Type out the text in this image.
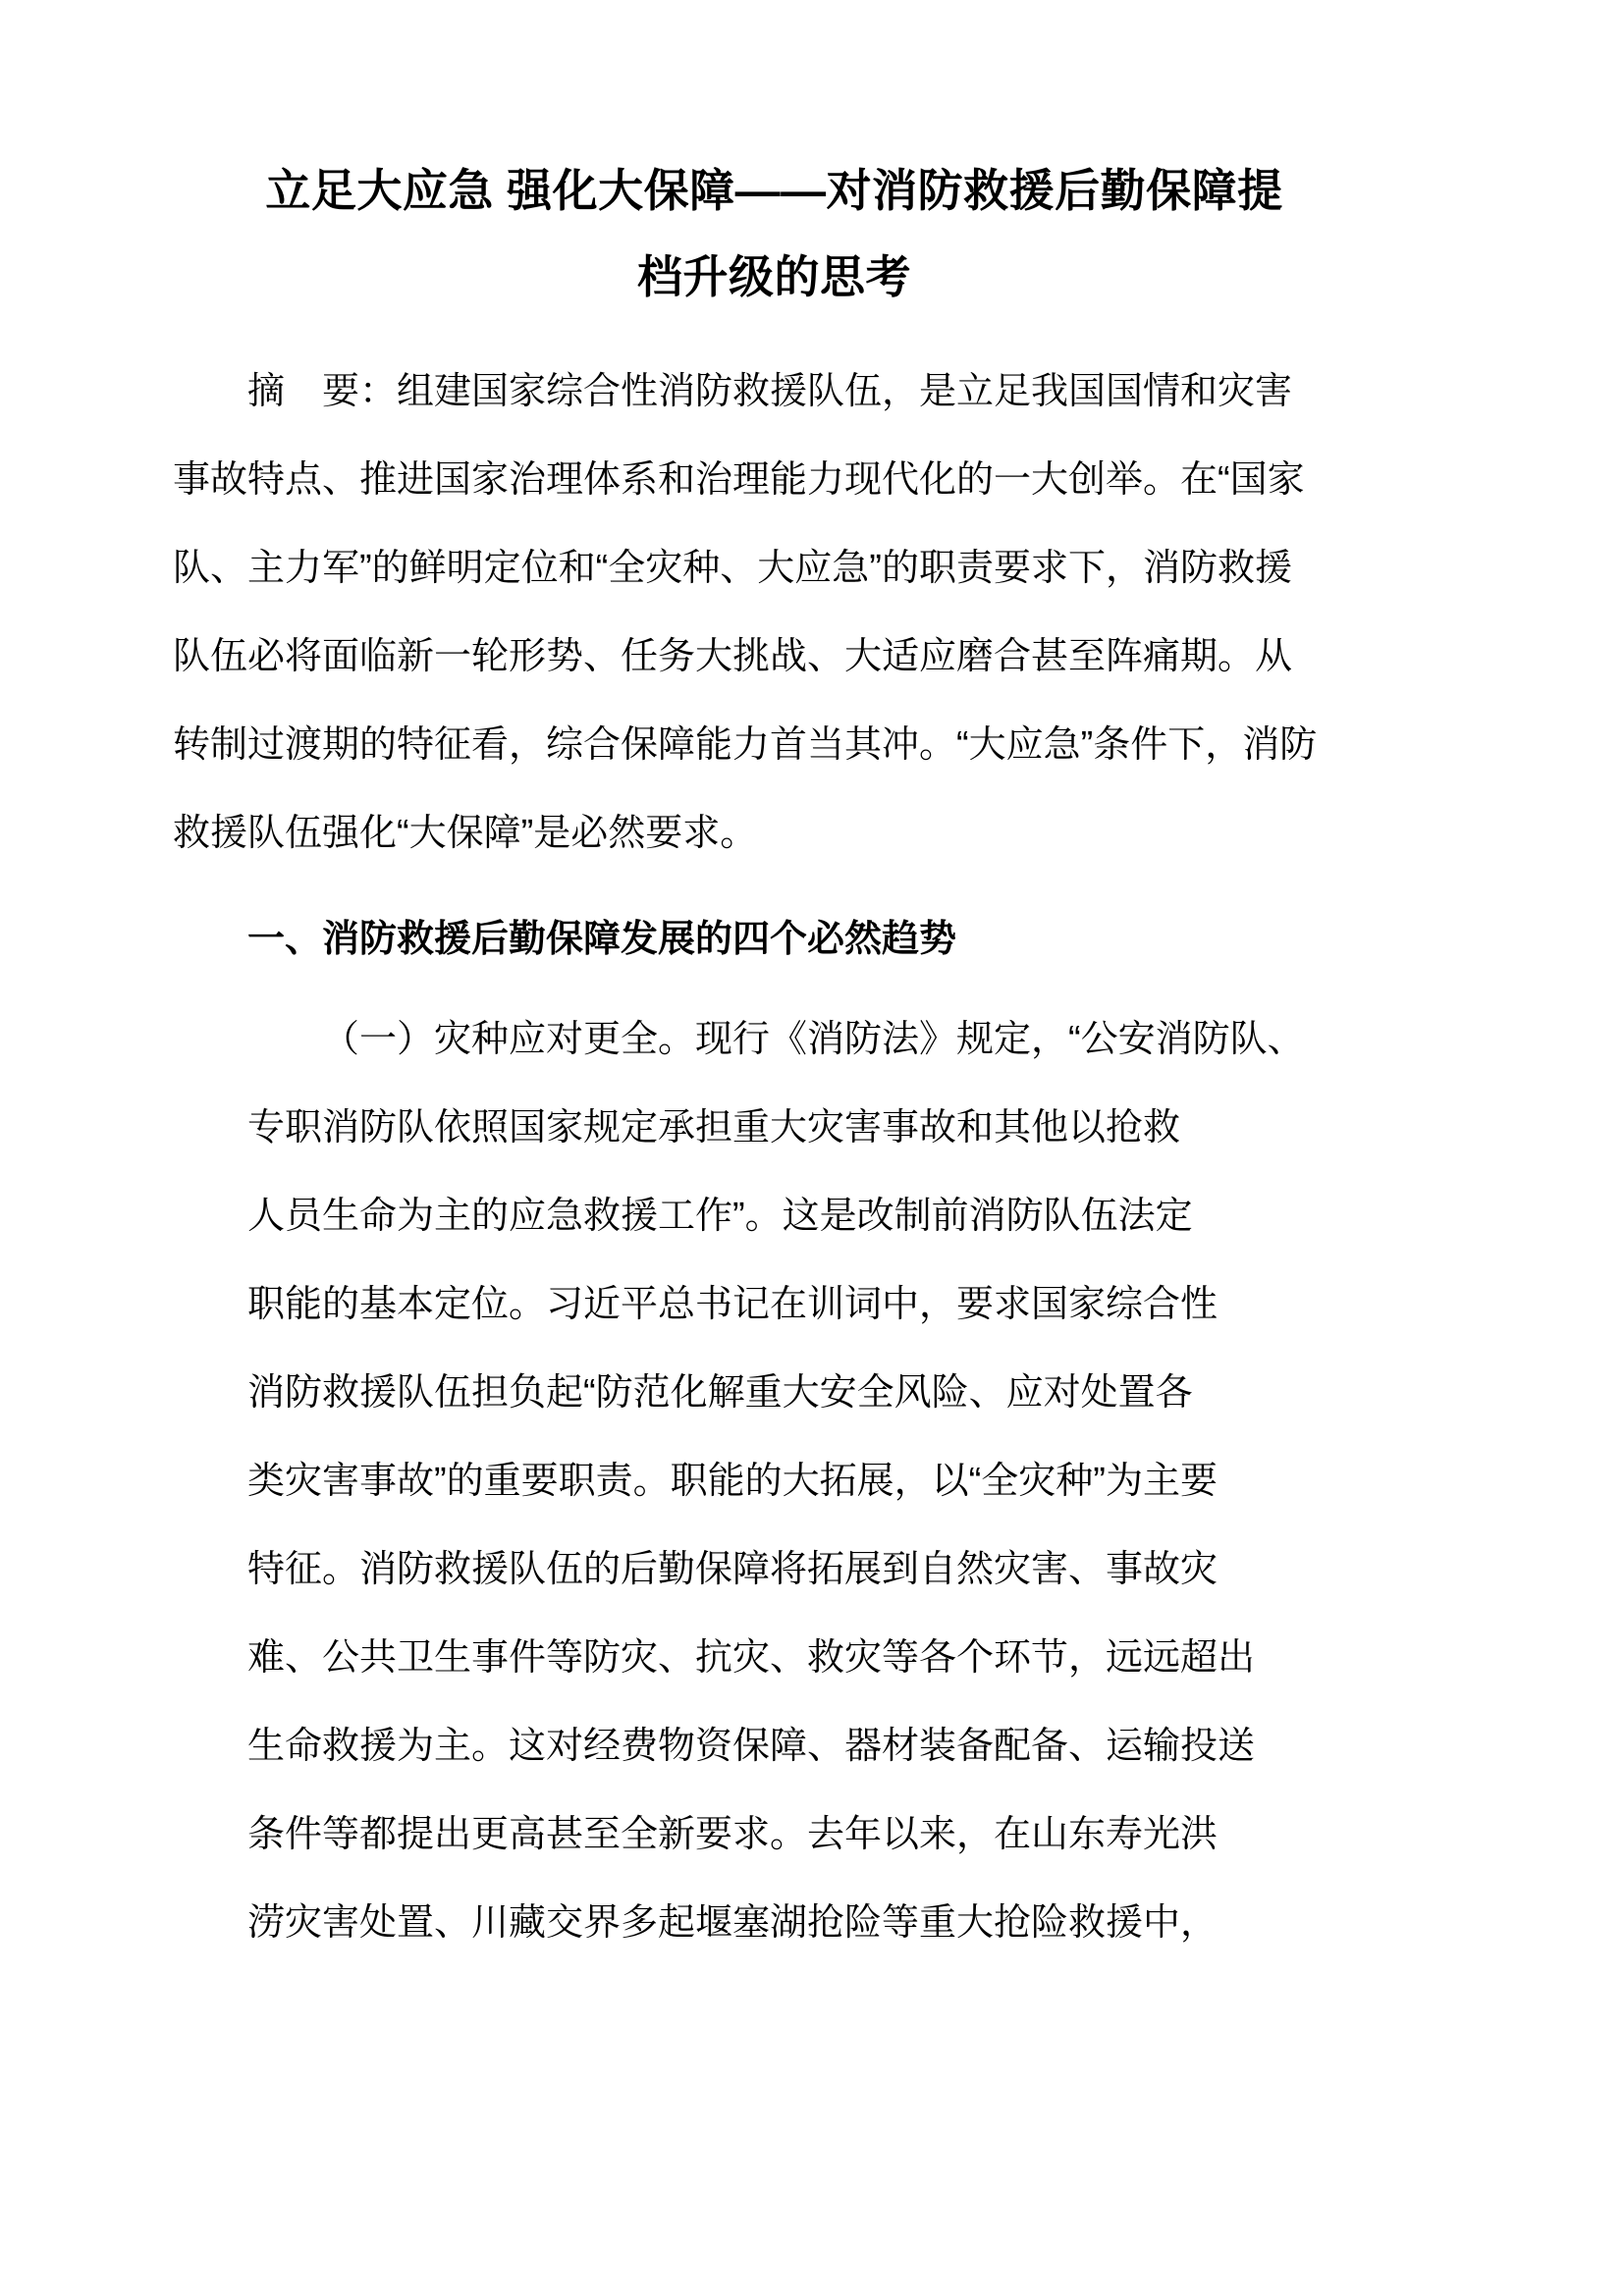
立足大应急 强化大保障——对消防救援后勤保障提
档升级的思考
摘　要：组建国家综合性消防救援队伍，是立足我国国情和灾害
事故特点、推进国家治理体系和治理能力现代化的一大创举。在“国家
队、主力军”的鲜明定位和“全灾种、大应急”的职责要求下，消防救援
队伍必将面临新一轮形势、任务大挑战、大适应磨合甚至阵痛期。从
转制过渡期的特征看，综合保障能力首当其冲。“大应急”条件下，消防
救援队伍强化“大保障”是必然要求。
一、消防救援后勤保障发展的四个必然趋势
（一）灾种应对更全。现行《消防法》规定，“公安消防队、
专职消防队依照国家规定承担重大灾害事故和其他以抢救
人员生命为主的应急救援工作”。这是改制前消防队伍法定
职能的基本定位。习近平总书记在训词中，要求国家综合性
消防救援队伍担负起“防范化解重大安全风险、应对处置各
类灾害事故”的重要职责。职能的大拓展，以“全灾种”为主要
特征。消防救援队伍的后勤保障将拓展到自然灾害、事故灾
难、公共卫生事件等防灾、抗灾、救灾等各个环节，远远超出
生命救援为主。这对经费物资保障、器材装备配备、运输投送
条件等都提出更高甚至全新要求。去年以来，在山东寿光洪
涝灾害处置、川藏交界多起堰塞湖抢险等重大抢险救援中，
